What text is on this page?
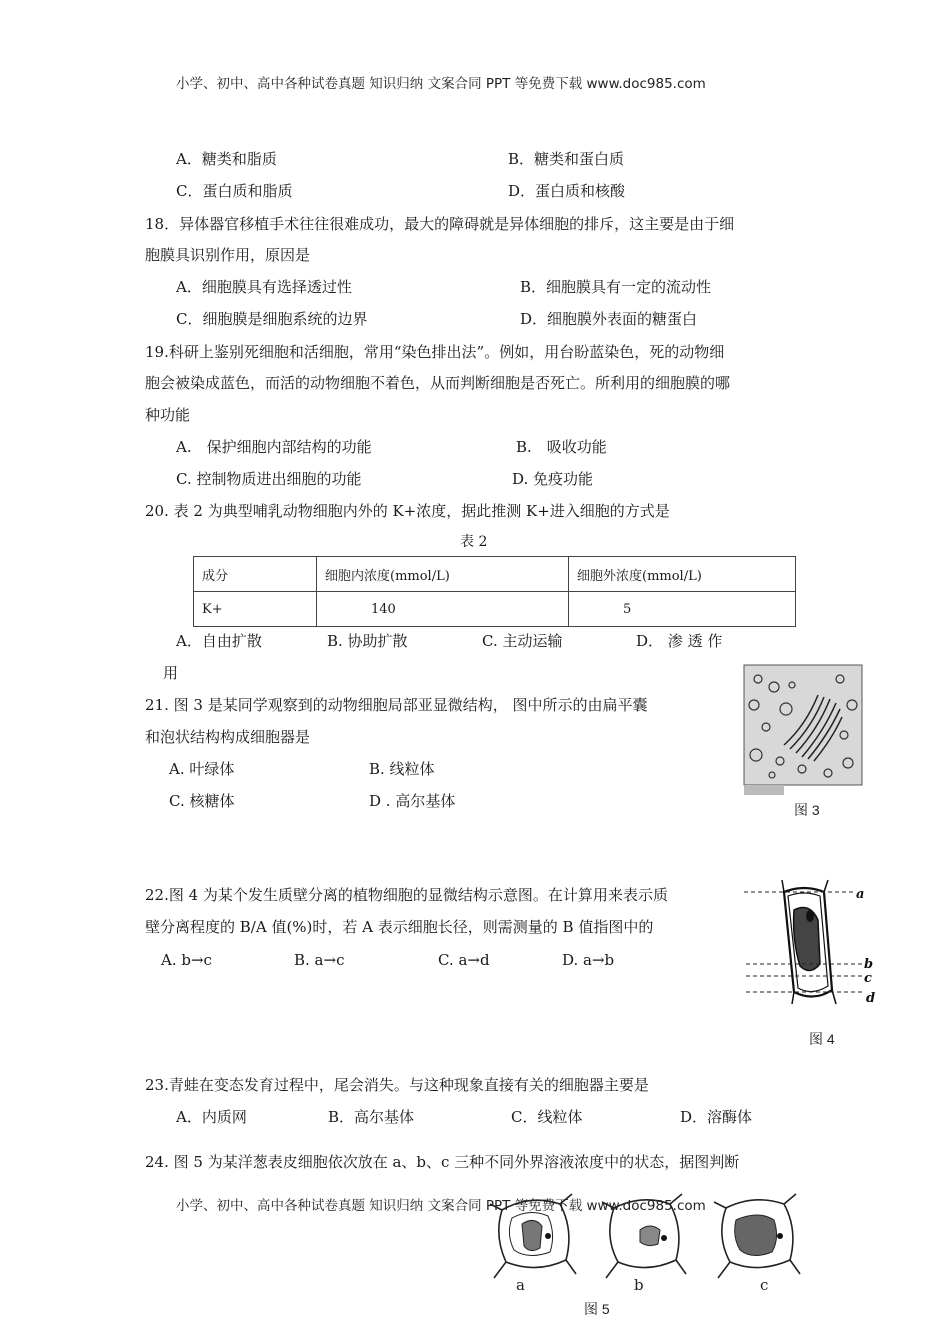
小学、初中、高中各种试卷真题 知识归纳 文案合同 PPT 等免费下载 www.doc985.com
A．糖类和脂质	B．糖类和蛋白质
C．蛋白质和脂质	D．蛋白质和核酸
18．异体器官移植手术往往很难成功，最大的障碍就是异体细胞的排斥，这主要是由于细
胞膜具识别作用，原因是
A．细胞膜具有选择透过性	B．细胞膜具有一定的流动性
C．细胞膜是细胞系统的边界	D．细胞膜外表面的糖蛋白
19.科研上鉴别死细胞和活细胞，常用“染色排出法”。例如，用台盼蓝染色，死的动物细
胞会被染成蓝色，而活的动物细胞不着色，从而判断细胞是否死亡。所利用的细胞膜的哪
种功能
A.　保护细胞内部结构的功能	B.　吸收功能
C. 控制物质进出细胞的功能	D. 免疫功能
20. 表 2 为典型哺乳动物细胞内外的 K+浓度，据此推测 K+进入细胞的方式是
表 2
成分	细胞内浓度(mmol/L)	细胞外浓度(mmol/L)
K+	140	5
A．自由扩散	B. 协助扩散	C. 主动运输	D． 渗 透 作
用
21. 图 3 是某同学观察到的动物细胞局部亚显微结构， 图中所示的由扁平囊
和泡状结构构成细胞器是
A. 叶绿体	B. 线粒体
C. 核糖体	D . 高尔基体	图 3
22.图 4 为某个发生质壁分离的植物细胞的显微结构示意图。在计算用来表示质
壁分离程度的 B/A 值(%)时，若 A 表示细胞长径，则需测量的 B 值指图中的
A. b→c	B. a→c	C. a→d	D. a→b
a
b
c
d
图 4
23.青蛙在变态发育过程中，尾会消失。与这种现象直接有关的细胞器主要是
A．内质网	B．高尔基体	C．线粒体	D．溶酶体
24. 图 5 为某洋葱表皮细胞依次放在 a、b、c 三种不同外界溶液浓度中的状态，据图判断
a	b	c
图 5
小学、初中、高中各种试卷真题 知识归纳 文案合同 PPT 等免费下载 www.doc985.com
